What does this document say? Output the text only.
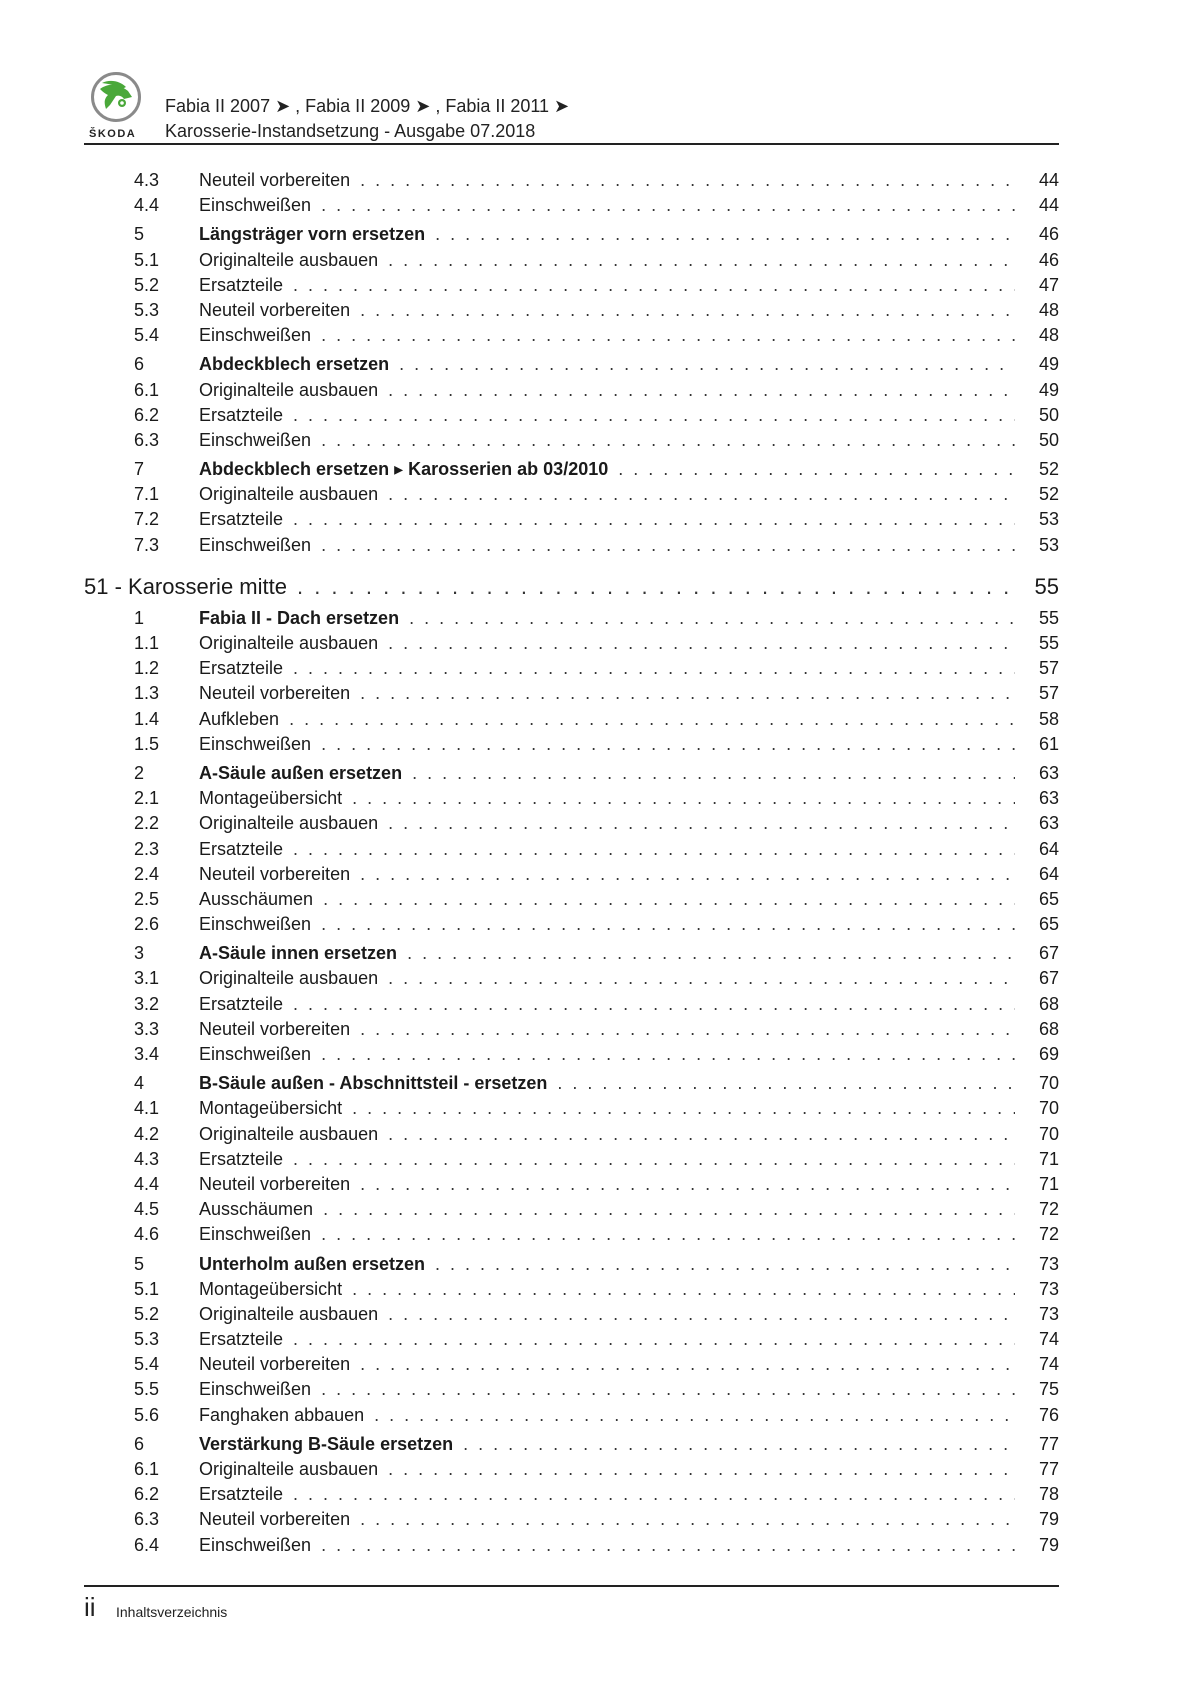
ŠKODA
Fabia II 2007 ➤ , Fabia II 2009 ➤ , Fabia II 2011 ➤
Karosserie-Instandsetzung - Ausgabe 07.2018
4.3	Neuteil vorbereiten . . .	44
4.4	Einschweißen . . .	44
5	Längsträger vorn ersetzen . . .	46
5.1	Originalteile ausbauen . . .	46
5.2	Ersatzteile . . .	47
5.3	Neuteil vorbereiten . . .	48
5.4	Einschweißen . . .	48
6	Abdeckblech ersetzen . . .	49
6.1	Originalteile ausbauen . . .	49
6.2	Ersatzteile . . .	50
6.3	Einschweißen . . .	50
7	Abdeckblech ersetzen ▸ Karosserien ab 03/2010 . . .	52
7.1	Originalteile ausbauen . . .	52
7.2	Ersatzteile . . .	53
7.3	Einschweißen . . .	53
51 - Karosserie mitte . . .	55
1	Fabia II - Dach ersetzen . . .	55
1.1	Originalteile ausbauen . . .	55
1.2	Ersatzteile . . .	57
1.3	Neuteil vorbereiten . . .	57
1.4	Aufkleben . . .	58
1.5	Einschweißen . . .	61
2	A-Säule außen ersetzen . . .	63
2.1	Montageübersicht . . .	63
2.2	Originalteile ausbauen . . .	63
2.3	Ersatzteile . . .	64
2.4	Neuteil vorbereiten . . .	64
2.5	Ausschäumen . . .	65
2.6	Einschweißen . . .	65
3	A-Säule innen ersetzen . . .	67
3.1	Originalteile ausbauen . . .	67
3.2	Ersatzteile . . .	68
3.3	Neuteil vorbereiten . . .	68
3.4	Einschweißen . . .	69
4	B-Säule außen - Abschnittsteil - ersetzen . . .	70
4.1	Montageübersicht . . .	70
4.2	Originalteile ausbauen . . .	70
4.3	Ersatzteile . . .	71
4.4	Neuteil vorbereiten . . .	71
4.5	Ausschäumen . . .	72
4.6	Einschweißen . . .	72
5	Unterholm außen ersetzen . . .	73
5.1	Montageübersicht . . .	73
5.2	Originalteile ausbauen . . .	73
5.3	Ersatzteile . . .	74
5.4	Neuteil vorbereiten . . .	74
5.5	Einschweißen . . .	75
5.6	Fanghaken abbauen . . .	76
6	Verstärkung B-Säule ersetzen . . .	77
6.1	Originalteile ausbauen . . .	77
6.2	Ersatzteile . . .	78
6.3	Neuteil vorbereiten . . .	79
6.4	Einschweißen . . .	79
ii Inhaltsverzeichnis
